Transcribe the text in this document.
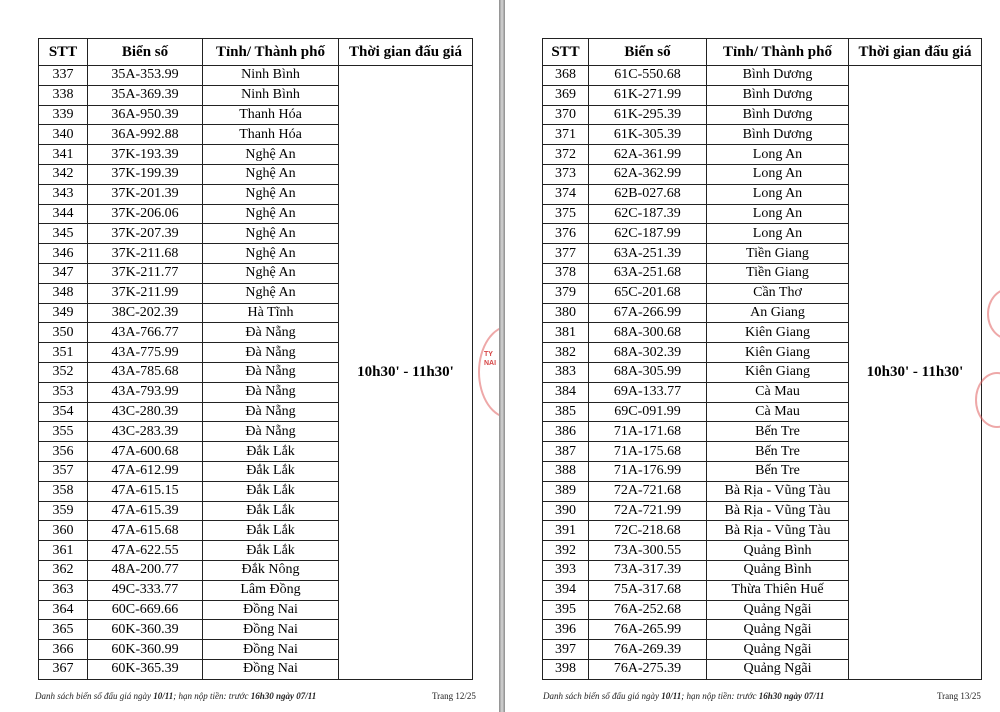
STT	Biển số	Tỉnh/ Thành phố	Thời gian đấu giá
337	35A-353.99	Ninh Bình	10h30' - 11h30'
338	35A-369.39	Ninh Bình	
339	36A-950.39	Thanh Hóa	
340	36A-992.88	Thanh Hóa	
341	37K-193.39	Nghệ An	
342	37K-199.39	Nghệ An	
343	37K-201.39	Nghệ An	
344	37K-206.06	Nghệ An	
345	37K-207.39	Nghệ An	
346	37K-211.68	Nghệ An	
347	37K-211.77	Nghệ An	
348	37K-211.99	Nghệ An	
349	38C-202.39	Hà Tĩnh	
350	43A-766.77	Đà Nẵng	
351	43A-775.99	Đà Nẵng	
352	43A-785.68	Đà Nẵng	
353	43A-793.99	Đà Nẵng	
354	43C-280.39	Đà Nẵng	
355	43C-283.39	Đà Nẵng	
356	47A-600.68	Đắk Lắk	
357	47A-612.99	Đắk Lắk	
358	47A-615.15	Đắk Lắk	
359	47A-615.39	Đắk Lắk	
360	47A-615.68	Đắk Lắk	
361	47A-622.55	Đắk Lắk	
362	48A-200.77	Đắk Nông	
363	49C-333.77	Lâm Đồng	
364	60C-669.66	Đồng Nai	
365	60K-360.39	Đồng Nai	
366	60K-360.99	Đồng Nai	
367	60K-365.39	Đồng Nai	
Danh sách biển số đấu giá ngày 10/11; hạn nộp tiền: trước 16h30 ngày 07/11	Trang 12/25
TY NAI
STT	Biển số	Tỉnh/ Thành phố	Thời gian đấu giá
368	61C-550.68	Bình Dương	10h30' - 11h30'
369	61K-271.99	Bình Dương	
370	61K-295.39	Bình Dương	
371	61K-305.39	Bình Dương	
372	62A-361.99	Long An	
373	62A-362.99	Long An	
374	62B-027.68	Long An	
375	62C-187.39	Long An	
376	62C-187.99	Long An	
377	63A-251.39	Tiền Giang	
378	63A-251.68	Tiền Giang	
379	65C-201.68	Cần Thơ	
380	67A-266.99	An Giang	
381	68A-300.68	Kiên Giang	
382	68A-302.39	Kiên Giang	
383	68A-305.99	Kiên Giang	
384	69A-133.77	Cà Mau	
385	69C-091.99	Cà Mau	
386	71A-171.68	Bến Tre	
387	71A-175.68	Bến Tre	
388	71A-176.99	Bến Tre	
389	72A-721.68	Bà Rịa - Vũng Tàu	
390	72A-721.99	Bà Rịa - Vũng Tàu	
391	72C-218.68	Bà Rịa - Vũng Tàu	
392	73A-300.55	Quảng Bình	
393	73A-317.39	Quảng Bình	
394	75A-317.68	Thừa Thiên Huế	
395	76A-252.68	Quảng Ngãi	
396	76A-265.99	Quảng Ngãi	
397	76A-269.39	Quảng Ngãi	
398	76A-275.39	Quảng Ngãi	
Danh sách biển số đấu giá ngày 10/11; hạn nộp tiền: trước 16h30 ngày 07/11	Trang 13/25
